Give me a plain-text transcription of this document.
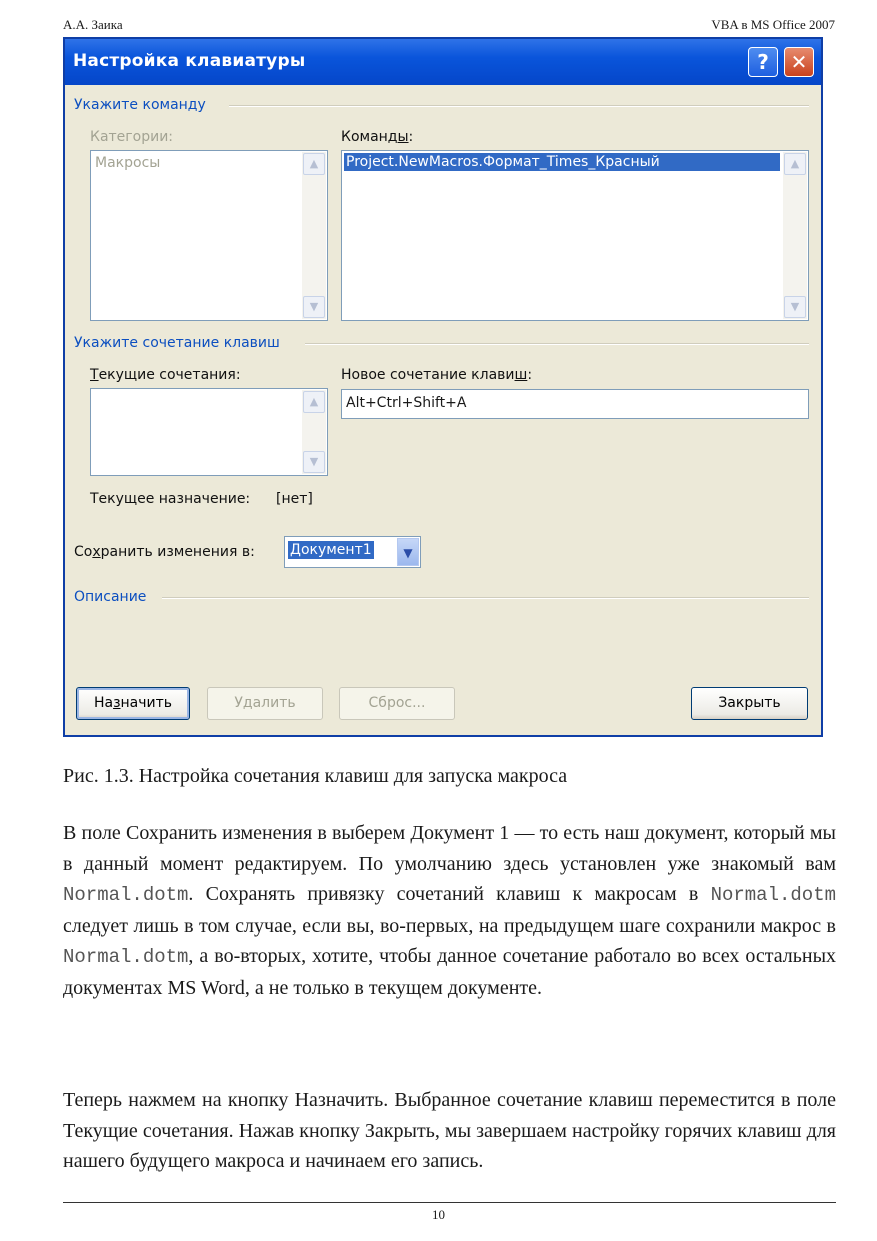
А.А. Заика	VBA в MS Office 2007
Настройка клавиатуры	?	✕
Укажите команду
Категории:
Макросы	▲
▼
Команды:
Project.NewMacros.Формат_Times_Красный	▲
▼
Укажите сочетание клавиш
Текущие сочетания:
▲
▼
Новое сочетание клавиш:
Alt+Ctrl+Shift+A
Текущее назначение: [нет]
Сохранить изменения в:	Документ1	▼
Описание
Назначить	Удалить	Сброс...	Закрыть
Рис. 1.3. Настройка сочетания клавиш для запуска макроса

В поле Сохранить изменения в выберем Документ 1 — то есть наш документ, который мы в данный момент редактируем. По умолчанию здесь установлен уже знакомый вам Normal.dotm. Сохранять привязку сочетаний клавиш к макросам в Normal.dotm следует лишь в том случае, если вы, во-первых, на предыдущем шаге сохранили макрос в Normal.dotm, а во-вторых, хотите, чтобы данное сочетание работало во всех остальных документах MS Word, а не только в текущем документе.

Теперь нажмем на кнопку Назначить. Выбранное сочетание клавиш переместится в поле Текущие сочетания. Нажав кнопку Закрыть, мы завершаем настройку горячих клавиш для нашего будущего макроса и начинаем его запись.

10
